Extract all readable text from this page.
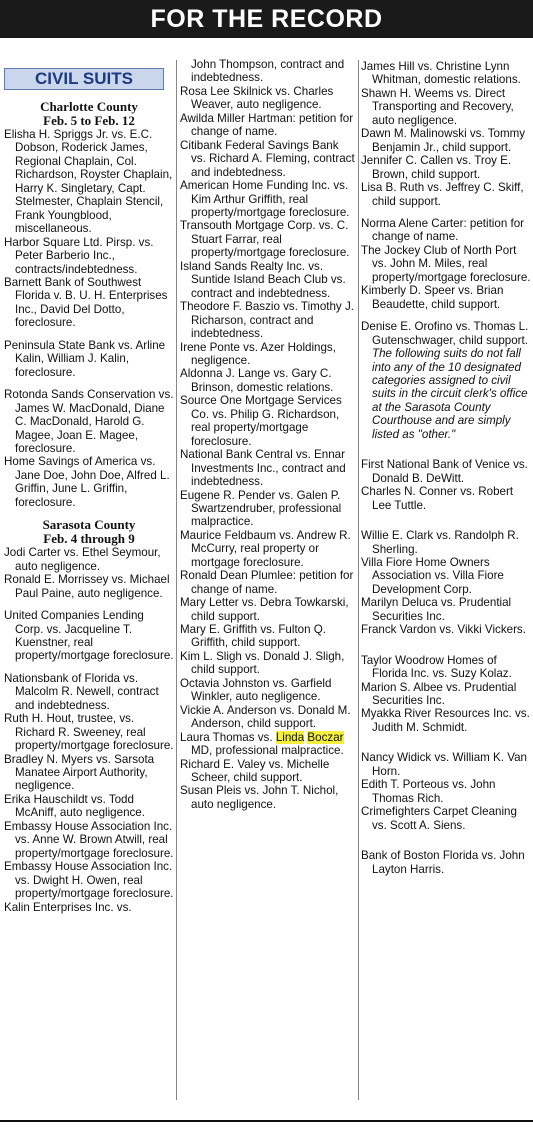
FOR THE RECORD
CIVIL SUITS
Charlotte County
Feb. 5 to Feb. 12

Elisha H. Spriggs Jr. vs. E.C. Dobson, Roderick James, Regional Chaplain, Col. Richardson, Royster Chaplain, Harry K. Singletary, Capt. Stelmester, Chaplain Stencil, Frank Youngblood, miscellaneous.

Harbor Square Ltd. Pirsp. vs. Peter Barberio Inc., contracts/indebtedness.

Barnett Bank of Southwest Florida v. B. U. H. Enterprises Inc., David Del Dotto, foreclosure.

Peninsula State Bank vs. Arline Kalin, William J. Kalin, foreclosure.

Rotonda Sands Conservation vs. James W. MacDonald, Diane C. MacDonald, Harold G. Magee, Joan E. Magee, foreclosure.

Home Savings of America vs. Jane Doe, John Doe, Alfred L. Griffin, June L. Griffin, foreclosure.

Sarasota County
Feb. 4 through 9

Jodi Carter vs. Ethel Seymour, auto negligence.

Ronald E. Morrissey vs. Michael Paul Paine, auto negligence.

United Companies Lending Corp. vs. Jacqueline T. Kuenstner, real property/mortgage foreclosure.

Nationsbank of Florida vs. Malcolm R. Newell, contract and indebtedness.

Ruth H. Hout, trustee, vs. Richard R. Sweeney, real property/mortgage foreclosure.

Bradley N. Myers vs. Sarsota Manatee Airport Authority, negligence.

Erika Hauschildt vs. Todd McAniff, auto negligence.

Embassy House Association Inc. vs. Anne W. Brown Atwill, real property/mortgage foreclosure.

Embassy House Association Inc. vs. Dwight H. Owen, real property/mortgage foreclosure.

Kalin Enterprises Inc. vs.

John Thompson, contract and indebtedness.

Rosa Lee Skilnick vs. Charles Weaver, auto negligence.

Awilda Miller Hartman: petition for change of name.

Citibank Federal Savings Bank vs. Richard A. Fleming, contract and indebtedness.

American Home Funding Inc. vs. Kim Arthur Griffith, real property/mortgage foreclosure.

Transouth Mortgage Corp. vs. C. Stuart Farrar, real property/mortgage foreclosure.

Island Sands Realty Inc. vs. Suntide Island Beach Club vs. contract and indebtedness.

Theodore F. Baszio vs. Timothy J. Richarson, contract and indebtedness.

Irene Ponte vs. Azer Holdings, negligence.

Aldonna J. Lange vs. Gary C. Brinson, domestic relations.

Source One Mortgage Services Co. vs. Philip G. Richardson, real property/mortgage foreclosure.

National Bank Central vs. Ennar Investments Inc., contract and indebtedness.

Eugene R. Pender vs. Galen P. Swartzendruber, professional malpractice.

Maurice Feldbaum vs. Andrew R. McCurry, real property or mortgage foreclosure.

Ronald Dean Plumlee: petition for change of name.

Mary Letter vs. Debra Towkarski, child support.

Mary E. Griffith vs. Fulton Q. Griffith, child support.

Kim L. Sligh vs. Donald J. Sligh, child support.

Octavia Johnston vs. Garfield Winkler, auto negligence.

Vickie A. Anderson vs. Donald M. Anderson, child support.

Laura Thomas vs. Linda Boczar MD, professional malpractice.

Richard E. Valey vs. Michelle Scheer, child support.

Susan Pleis vs. John T. Nichol, auto negligence.

James Hill vs. Christine Lynn Whitman, domestic relations.

Shawn H. Weems vs. Direct Transporting and Recovery, auto negligence.

Dawn M. Malinowski vs. Tommy Benjamin Jr., child support.

Jennifer C. Callen vs. Troy E. Brown, child support.

Lisa B. Ruth vs. Jeffrey C. Skiff, child support.

Norma Alene Carter: petition for change of name.

The Jockey Club of North Port vs. John M. Miles, real property/mortgage foreclosure.

Kimberly D. Speer vs. Brian Beaudette, child support.

Denise E. Orofino vs. Thomas L. Gutenschwager, child support.

The following suits do not fall into any of the 10 designated categories assigned to civil suits in the circuit clerk's office at the Sarasota County Courthouse and are simply listed as "other."

First National Bank of Venice vs. Donald B. DeWitt.

Charles N. Conner vs. Robert Lee Tuttle.

Willie E. Clark vs. Randolph R. Sherling.

Villa Fiore Home Owners Association vs. Villa Fiore Development Corp.

Marilyn Deluca vs. Prudential Securities Inc.

Franck Vardon vs. Vikki Vickers.

Taylor Woodrow Homes of Florida Inc. vs. Suzy Kolaz.

Marion S. Albee vs. Prudential Securities Inc.

Myakka River Resources Inc. vs. Judith M. Schmidt.

Nancy Widick vs. William K. Van Horn.

Edith T. Porteous vs. John Thomas Rich.

Crimefighters Carpet Cleaning vs. Scott A. Siens.

Bank of Boston Florida vs. John Layton Harris.
